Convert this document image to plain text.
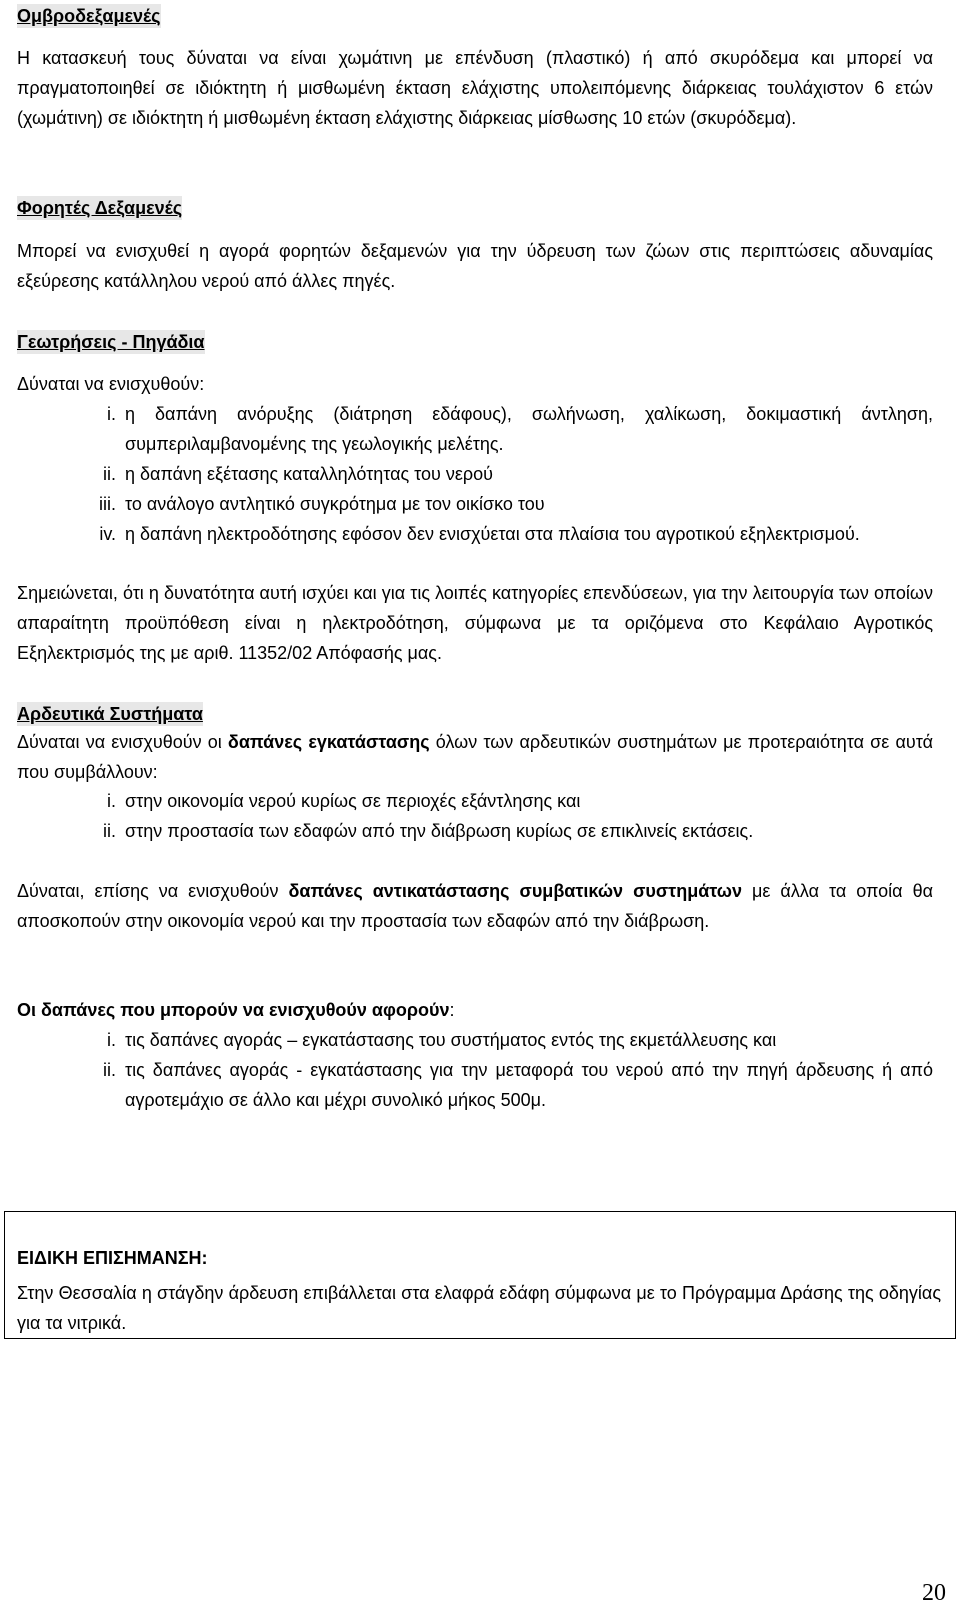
Ομβροδεξαμενές

Η κατασκευή τους δύναται να είναι χωμάτινη με επένδυση (πλαστικό) ή από σκυρόδεμα και μπορεί να πραγματοποιηθεί σε ιδιόκτητη ή μισθωμένη έκταση ελάχιστης υπολειπόμενης διάρκειας τουλάχιστον 6 ετών (χωμάτινη) σε ιδιόκτητη ή μισθωμένη έκταση ελάχιστης διάρκειας μίσθωσης 10 ετών (σκυρόδεμα).

Φορητές Δεξαμενές

Μπορεί να ενισχυθεί η αγορά φορητών δεξαμενών για την ύδρευση των ζώων στις περιπτώσεις αδυναμίας εξεύρεσης κατάλληλου νερού από άλλες πηγές.

Γεωτρήσεις - Πηγάδια

Δύναται να ενισχυθούν:

i. η δαπάνη ανόρυξης (διάτρηση εδάφους), σωλήνωση, χαλίκωση, δοκιμαστική άντληση, συμπεριλαμβανομένης της γεωλογικής μελέτης.
ii. η δαπάνη εξέτασης καταλληλότητας του νερού
iii. το ανάλογο αντλητικό συγκρότημα με τον οικίσκο του
iv. η δαπάνη ηλεκτροδότησης εφόσον δεν ενισχύεται στα πλαίσια του αγροτικού εξηλεκτρισμού.

Σημειώνεται, ότι η δυνατότητα αυτή ισχύει και για τις λοιπές κατηγορίες επενδύσεων, για την λειτουργία των οποίων απαραίτητη προϋπόθεση είναι η ηλεκτροδότηση, σύμφωνα με τα οριζόμενα στο Κεφάλαιο Αγροτικός Εξηλεκτρισμός της με αριθ. 11352/02 Απόφασής μας.

Αρδευτικά Συστήματα

Δύναται να ενισχυθούν οι δαπάνες εγκατάστασης όλων των αρδευτικών συστημάτων με προτεραιότητα σε αυτά που συμβάλλουν:

i. στην οικονομία νερού κυρίως σε περιοχές εξάντλησης και
ii. στην προστασία των εδαφών από την διάβρωση κυρίως σε επικλινείς εκτάσεις.

Δύναται, επίσης να ενισχυθούν δαπάνες αντικατάστασης συμβατικών συστημάτων με άλλα τα οποία θα αποσκοπούν στην οικονομία νερού και την προστασία των εδαφών από την διάβρωση.

Οι δαπάνες που μπορούν να ενισχυθούν αφορούν:

i. τις δαπάνες αγοράς – εγκατάστασης του συστήματος εντός της εκμετάλλευσης και
ii. τις δαπάνες αγοράς - εγκατάστασης για την μεταφορά του νερού από την πηγή άρδευσης ή από αγροτεμάχιο σε άλλο και μέχρι συνολικό μήκος 500μ.
ΕΙΔΙΚΗ ΕΠΙΣΗΜΑΝΣΗ:

Στην Θεσσαλία η στάγδην άρδευση επιβάλλεται στα ελαφρά εδάφη σύμφωνα με το Πρόγραμμα Δράσης της οδηγίας για τα νιτρικά.

20
